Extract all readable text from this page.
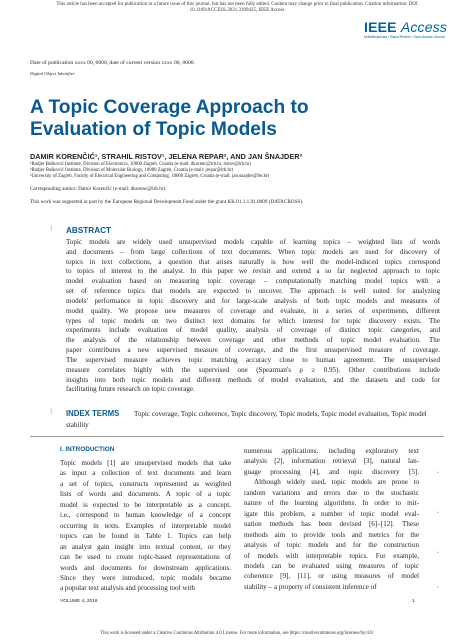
This article has been accepted for publication in a future issue of this journal, but has not been fully edited. Content may change prior to final publication. Citation information: DOI
10.1109/ACCESS.2021.3109425, IEEE Access
IEEE Access
Multidisciplinary ⁝ Rapid Review ⁝ Open Access Journal
Date of publication xxxx 00, 0000, date of current version xxxx 00, 0000.
Digital Object Identifier
A Topic Coverage Approach to
Evaluation of Topic Models
DAMIR KORENČIĆ¹, STRAHIL RISTOV¹, JELENA REPAR², AND JAN ŠNAJDER³
¹Rudjer Bošković Institute, Division of Electronics, 10000 Zagreb, Croatia (e-mail: dkorenc@irb.hr, ristov@irb.hr)
²Rudjer Bošković Institute, Division of Molecular Biology, 10000 Zagreb, Croatia (e-mail: jrepar@irb.hr)
³University of Zagreb, Faculty of Electrical Engineering and Computing, 10000 Zagreb, Croatia (e-mail: jan.snajder@fer.hr)
Corresponding author: Damir Korenčić (e-mail: dkorenc@irb.hr).
This work was supported in part by the European Regional Development Fund under the grant KK.01.1.1.01.0009 (DATACROSS).
⁞	ABSTRACT
Topic models are widely used unsupervised models capable of learning topics – weighted lists of words
and documents – from large collections of text documents. When topic models are used for discovery of
topics in text collections, a question that arises naturally is how well the model-induced topics correspond
to topics of interest to the analyst. In this paper we revisit and extend a so far neglected approach to topic
model evaluation based on measuring topic coverage – computationally matching model topics with a
set of reference topics that models are expected to uncover. The approach is well suited for analyzing
models' performance in topic discovery and for large-scale analysis of both topic models and measures of
model quality. We propose new measures of coverage and evaluate, in a series of experiments, different
types of topic models on two distinct text domains for which interest for topic discovery exists. The
experiments include evaluation of model quality, analysis of coverage of distinct topic categories, and
the analysis of the relationship between coverage and other methods of topic model evaluation. The
paper contributes a new supervised measure of coverage, and the first unsupervised measure of coverage.
The supervised measure achieves topic matching accuracy close to human agreement. The unsupervised
measure correlates highly with the supervised one (Spearman's ρ ≥ 0.95). Other contributions include
insights into both topic models and different methods of model evaluation, and the datasets and code for
facilitating future research on topic coverage.
⁞	Topic coverage, Topic coherence, Topic discovery, Topic models, Topic model evaluation, Topic model stability
INDEX TERMS
I. INTRODUCTION
Topic models [1] are unsupervised models that take
as input a collection of text documents and learn
a set of topics, constructs represented as weighted
lists of words and documents. A topic of a topic
model is expected to be interpretable as a concept,
i.e., correspond to human knowledge of a concept
occurring in texts. Examples of interpretable model
topics can be found in Table 1. Topics can help
an analyst gain insight into textual content, or they
can be used to create topic-based representations of
words and documents for downstream applications.
Since they were introduced, topic models became
a popular text analysis and processing tool with
numerous applications, including exploratory text
analysis [2], information retrieval [3], natural lan-
guage processing [4], and topic discovery [5].
Although widely used, topic models are prone to
random variations and errors due to the stochastic
nature of the learning algorithms. In order to mit-
igate this problem, a number of topic model eval-
uation methods has been devised [6]–[12]. These
methods aim to provide tools and metrics for the
analysis of topic models and for the construction
of models with interpretable topics. For example,
models can be evaluated using measures of topic
coherence [9], [11], or using measures of model
stability – a property of consistent inference of
•
•
•
•
VOLUME 4, 2016	1
This work is licensed under a Creative Commons Attribution 4.0 License. For more information, see https://creativecommons.org/licenses/by/4.0/
